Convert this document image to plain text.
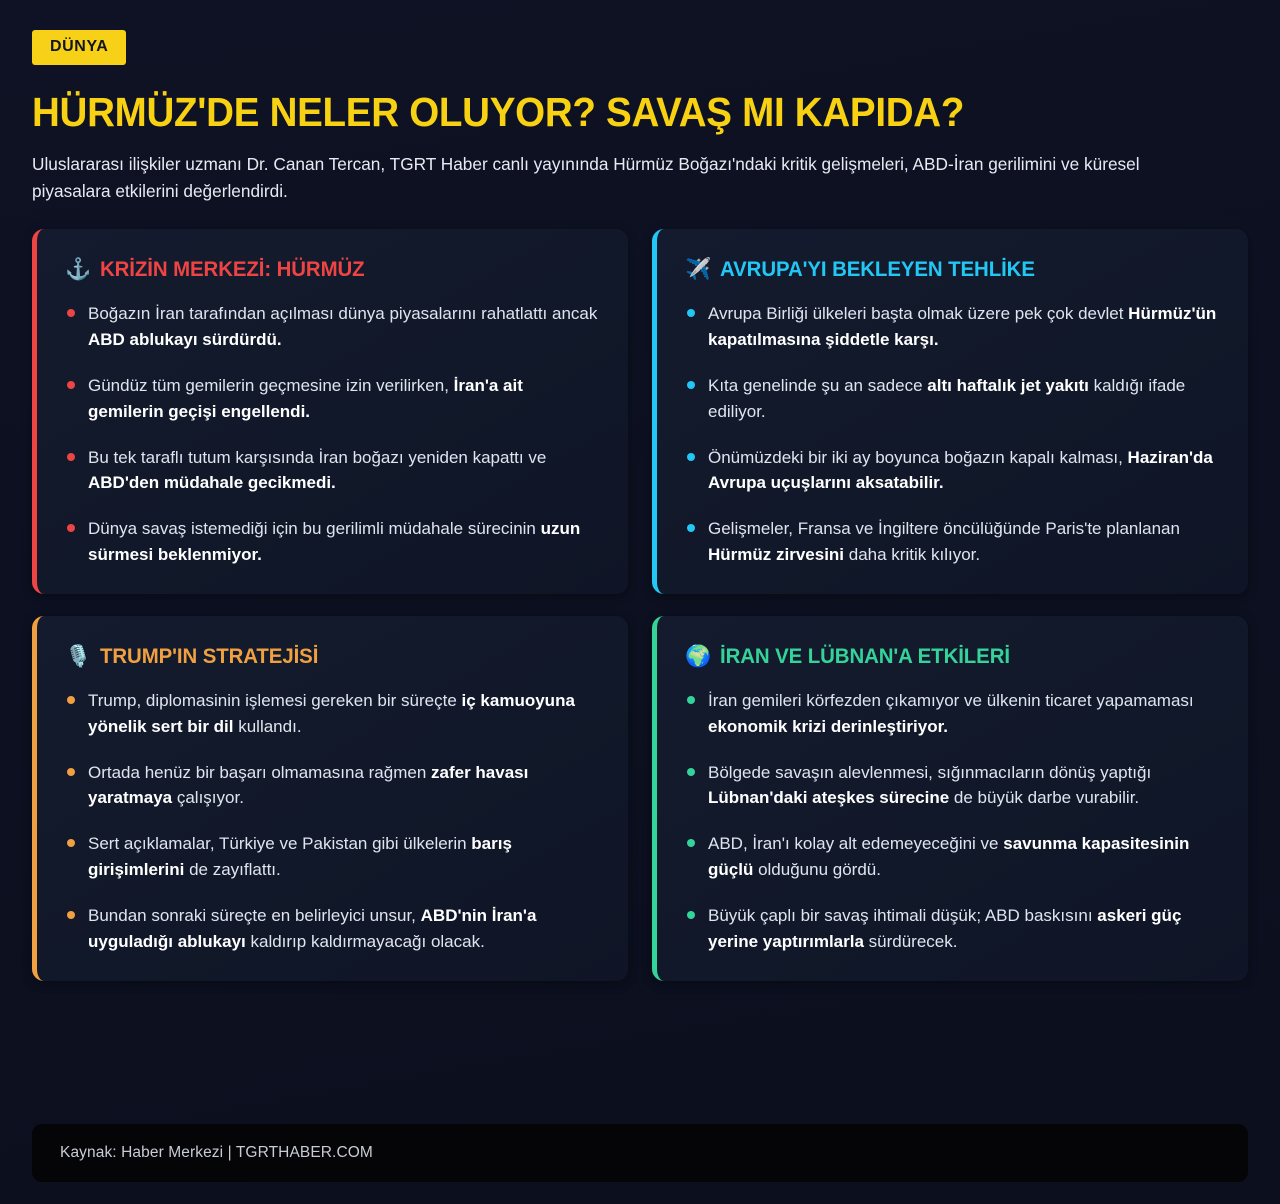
DÜNYA
HÜRMÜZ'DE NELER OLUYOR? SAVAŞ MI KAPIDA?

Uluslararası ilişkiler uzmanı Dr. Canan Tercan, TGRT Haber canlı yayınında Hürmüz Boğazı'ndaki kritik gelişmeleri, ABD-İran gerilimini ve küresel piyasalara etkilerini değerlendirdi.

⚓ KRİZİN MERKEZİ: HÜRMÜZ
Boğazın İran tarafından açılması dünya piyasalarını rahatlattı ancak ABD ablukayı sürdürdü.
Gündüz tüm gemilerin geçmesine izin verilirken, İran'a ait gemilerin geçişi engellendi.
Bu tek taraflı tutum karşısında İran boğazı yeniden kapattı ve ABD'den müdahale gecikmedi.
Dünya savaş istemediği için bu gerilimli müdahale sürecinin uzun sürmesi beklenmiyor.
✈️ AVRUPA'YI BEKLEYEN TEHLİKE
Avrupa Birliği ülkeleri başta olmak üzere pek çok devlet Hürmüz'ün kapatılmasına şiddetle karşı.
Kıta genelinde şu an sadece altı haftalık jet yakıtı kaldığı ifade ediliyor.
Önümüzdeki bir iki ay boyunca boğazın kapalı kalması, Haziran'da Avrupa uçuşlarını aksatabilir.
Gelişmeler, Fransa ve İngiltere öncülüğünde Paris'te planlanan Hürmüz zirvesini daha kritik kılıyor.
🎙️ TRUMP'IN STRATEJİSİ
Trump, diplomasinin işlemesi gereken bir süreçte iç kamuoyuna yönelik sert bir dil kullandı.
Ortada henüz bir başarı olmamasına rağmen zafer havası yaratmaya çalışıyor.
Sert açıklamalar, Türkiye ve Pakistan gibi ülkelerin barış girişimlerini de zayıflattı.
Bundan sonraki süreçte en belirleyici unsur, ABD'nin İran'a uyguladığı ablukayı kaldırıp kaldırmayacağı olacak.
🌍 İRAN VE LÜBNAN'A ETKİLERİ
İran gemileri körfezden çıkamıyor ve ülkenin ticaret yapamaması ekonomik krizi derinleştiriyor.
Bölgede savaşın alevlenmesi, sığınmacıların dönüş yaptığı Lübnan'daki ateşkes sürecine de büyük darbe vurabilir.
ABD, İran'ı kolay alt edemeyeceğini ve savunma kapasitesinin güçlü olduğunu gördü.
Büyük çaplı bir savaş ihtimali düşük; ABD baskısını askeri güç yerine yaptırımlarla sürdürecek.
Kaynak: Haber Merkezi | TGRTHABER.COM
